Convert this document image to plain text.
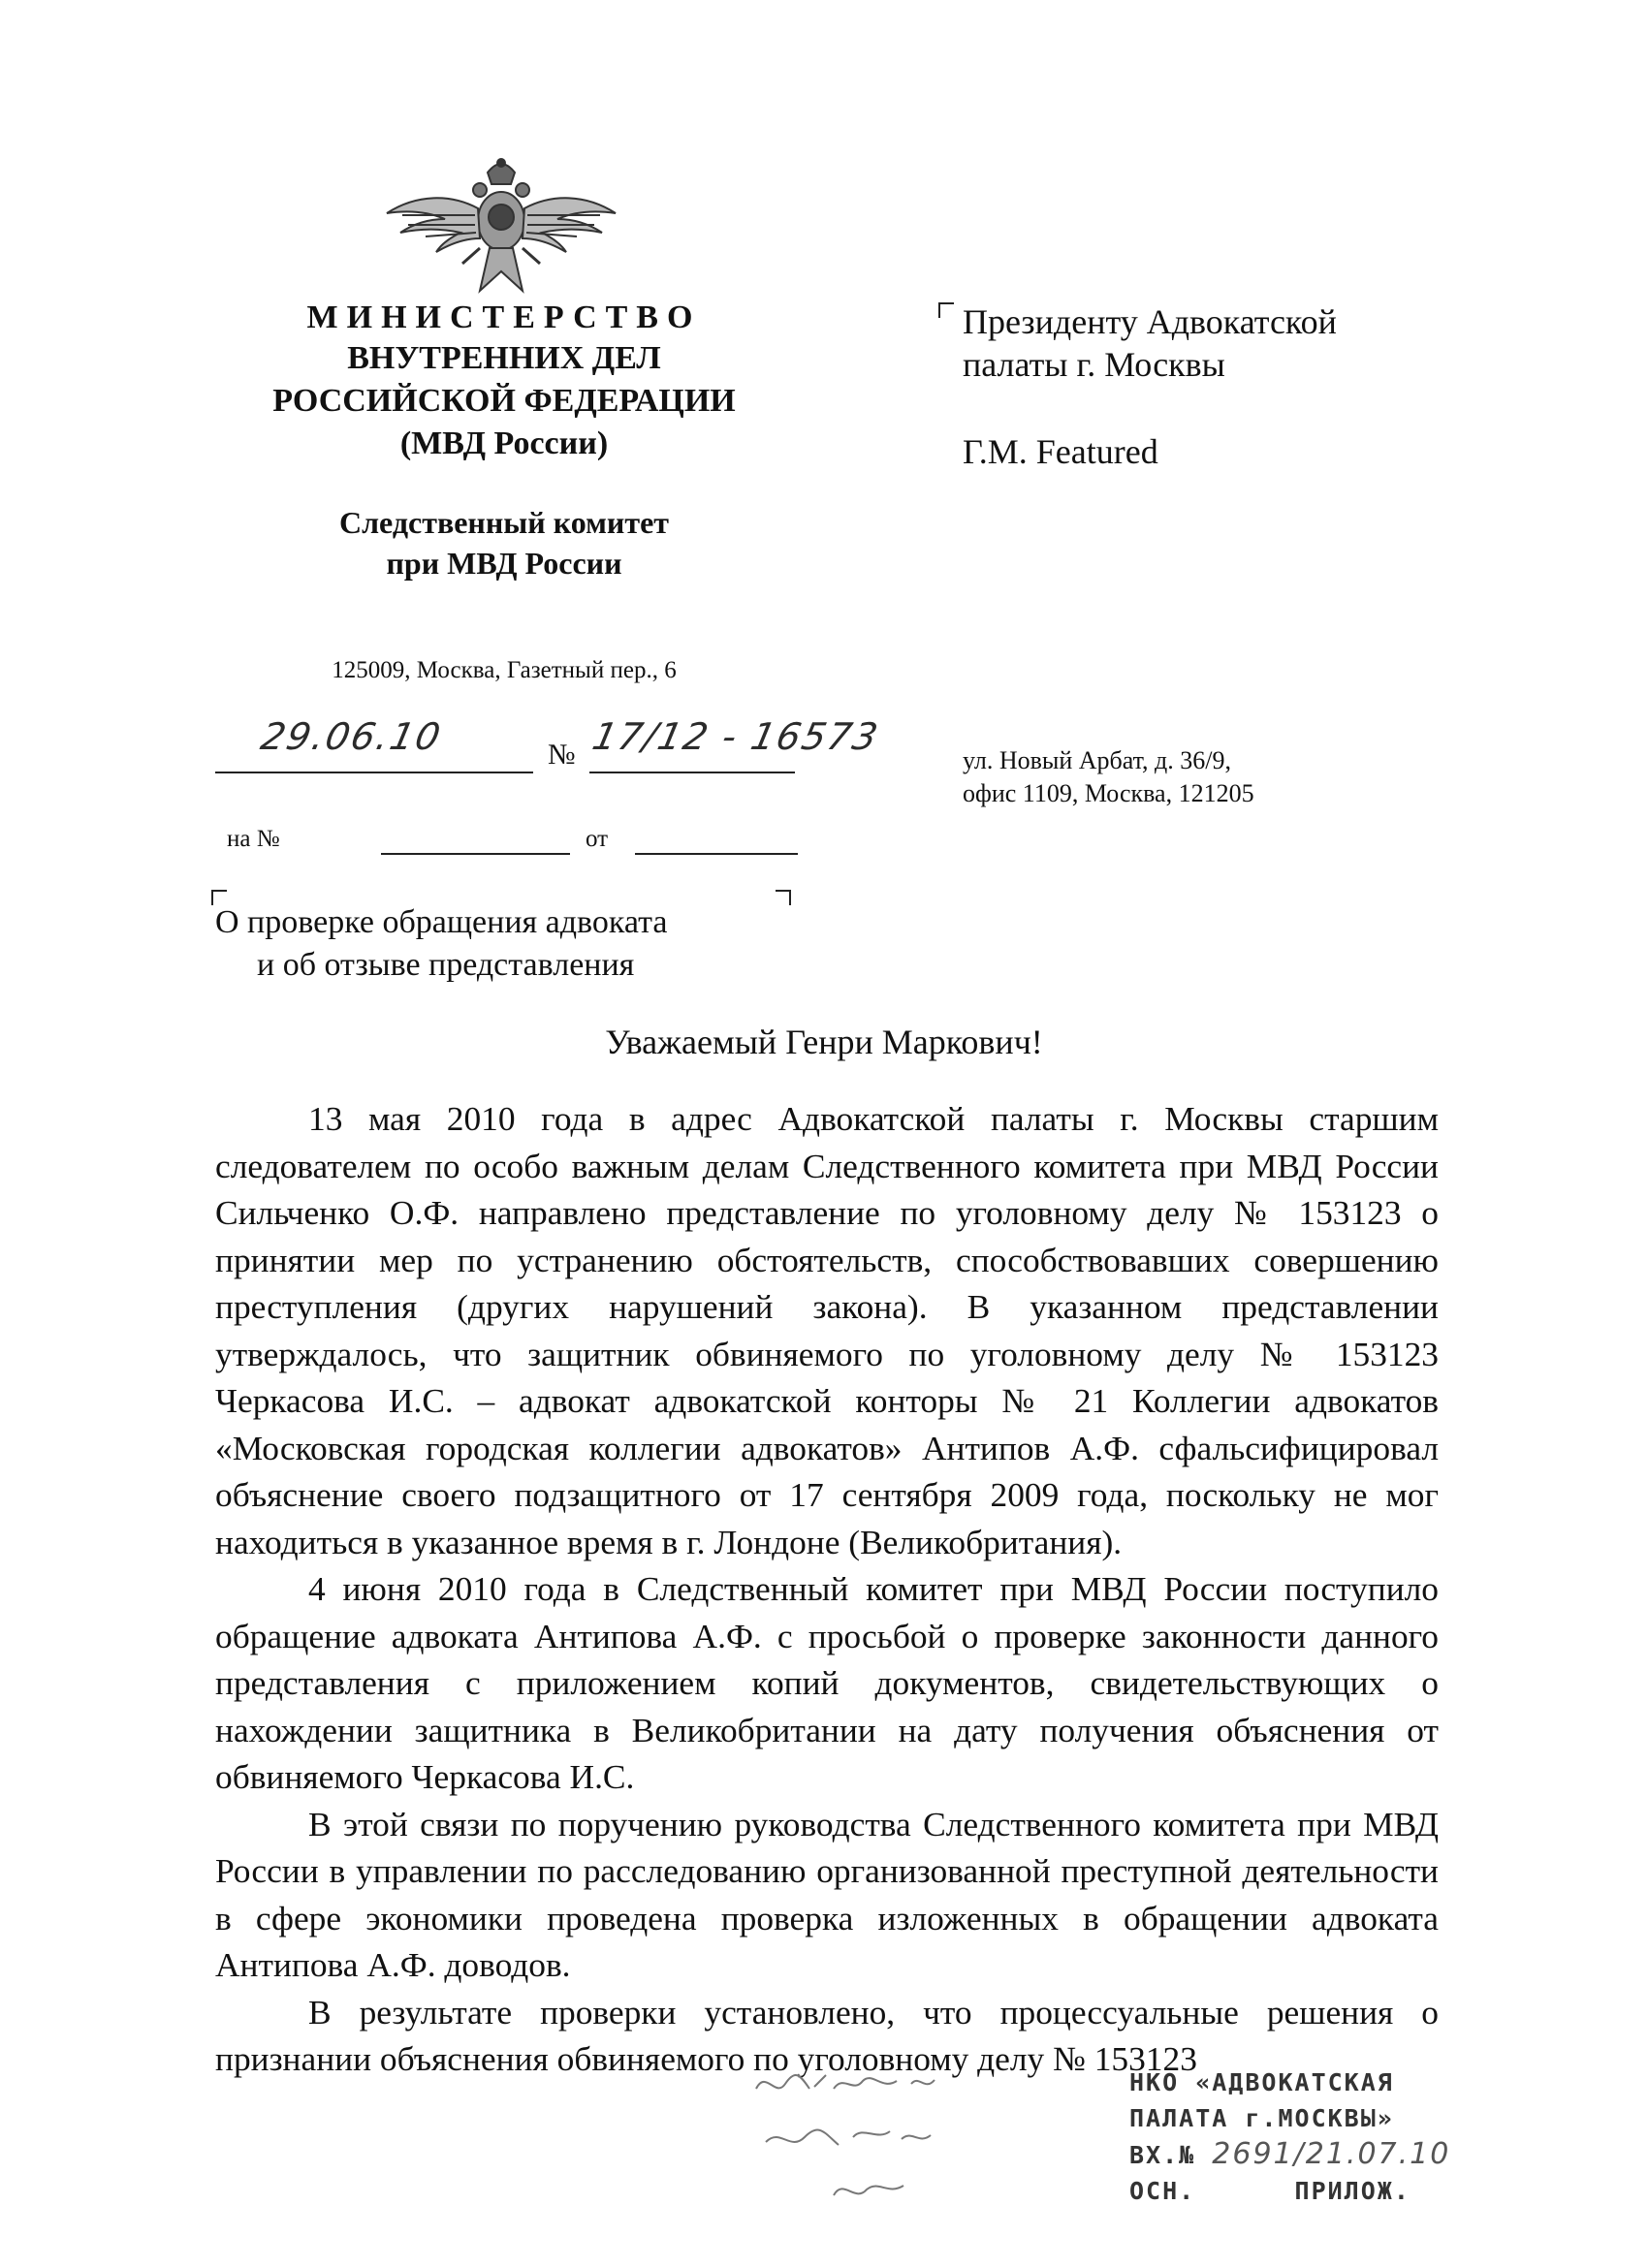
МИНИСТЕРСТВО
ВНУТРЕННИХ ДЕЛ
РОССИЙСКОЙ ФЕДЕРАЦИИ
(МВД России)
Следственный комитет
при МВД России
125009, Москва, Газетный пер., 6
29.06.10	№ 17/12 - 16573
на №	от
Президенту Адвокатской
палаты г. Москвы
Г.М. Featured
ул. Новый Арбат, д. 36/9,
офис 1109, Москва, 121205
О проверке обращения адвоката
и об отзыве представления
Уважаемый Генри Маркович!

13 мая 2010 года в адрес Адвокатской палаты г. Москвы старшим следователем по особо важным делам Следственного комитета при МВД России Сильченко О.Ф. направлено представление по уголовному делу № 153123 о принятии мер по устранению обстоятельств, способствовавших совершению преступления (других нарушений закона). В указанном представлении утверждалось, что защитник обвиняемого по уголовному делу № 153123 Черкасова И.С. – адвокат адвокатской конторы № 21 Коллегии адвокатов «Московская городская коллегии адвокатов» Антипов А.Ф. сфальсифицировал объяснение своего подзащитного от 17 сентября 2009 года, поскольку не мог находиться в указанное время в г. Лондоне (Великобритания).

4 июня 2010 года в Следственный комитет при МВД России поступило обращение адвоката Антипова А.Ф. с просьбой о проверке законности данного представления с приложением копий документов, свидетельствующих о нахождении защитника в Великобритании на дату получения объяснения от обвиняемого Черкасова И.С.

В этой связи по поручению руководства Следственного комитета при МВД России в управлении по расследованию организованной преступной деятельности в сфере экономики проведена проверка изложенных в обращении адвоката Антипова А.Ф. доводов.

В результате проверки установлено, что процессуальные решения о признании объяснения обвиняемого по уголовному делу № 153123

НКО «АДВОКАТСКАЯ
ПАЛАТА г.МОСКВЫ»
ВХ.№ 2691/21.07.10
ОСН.	ПРИЛОЖ.
